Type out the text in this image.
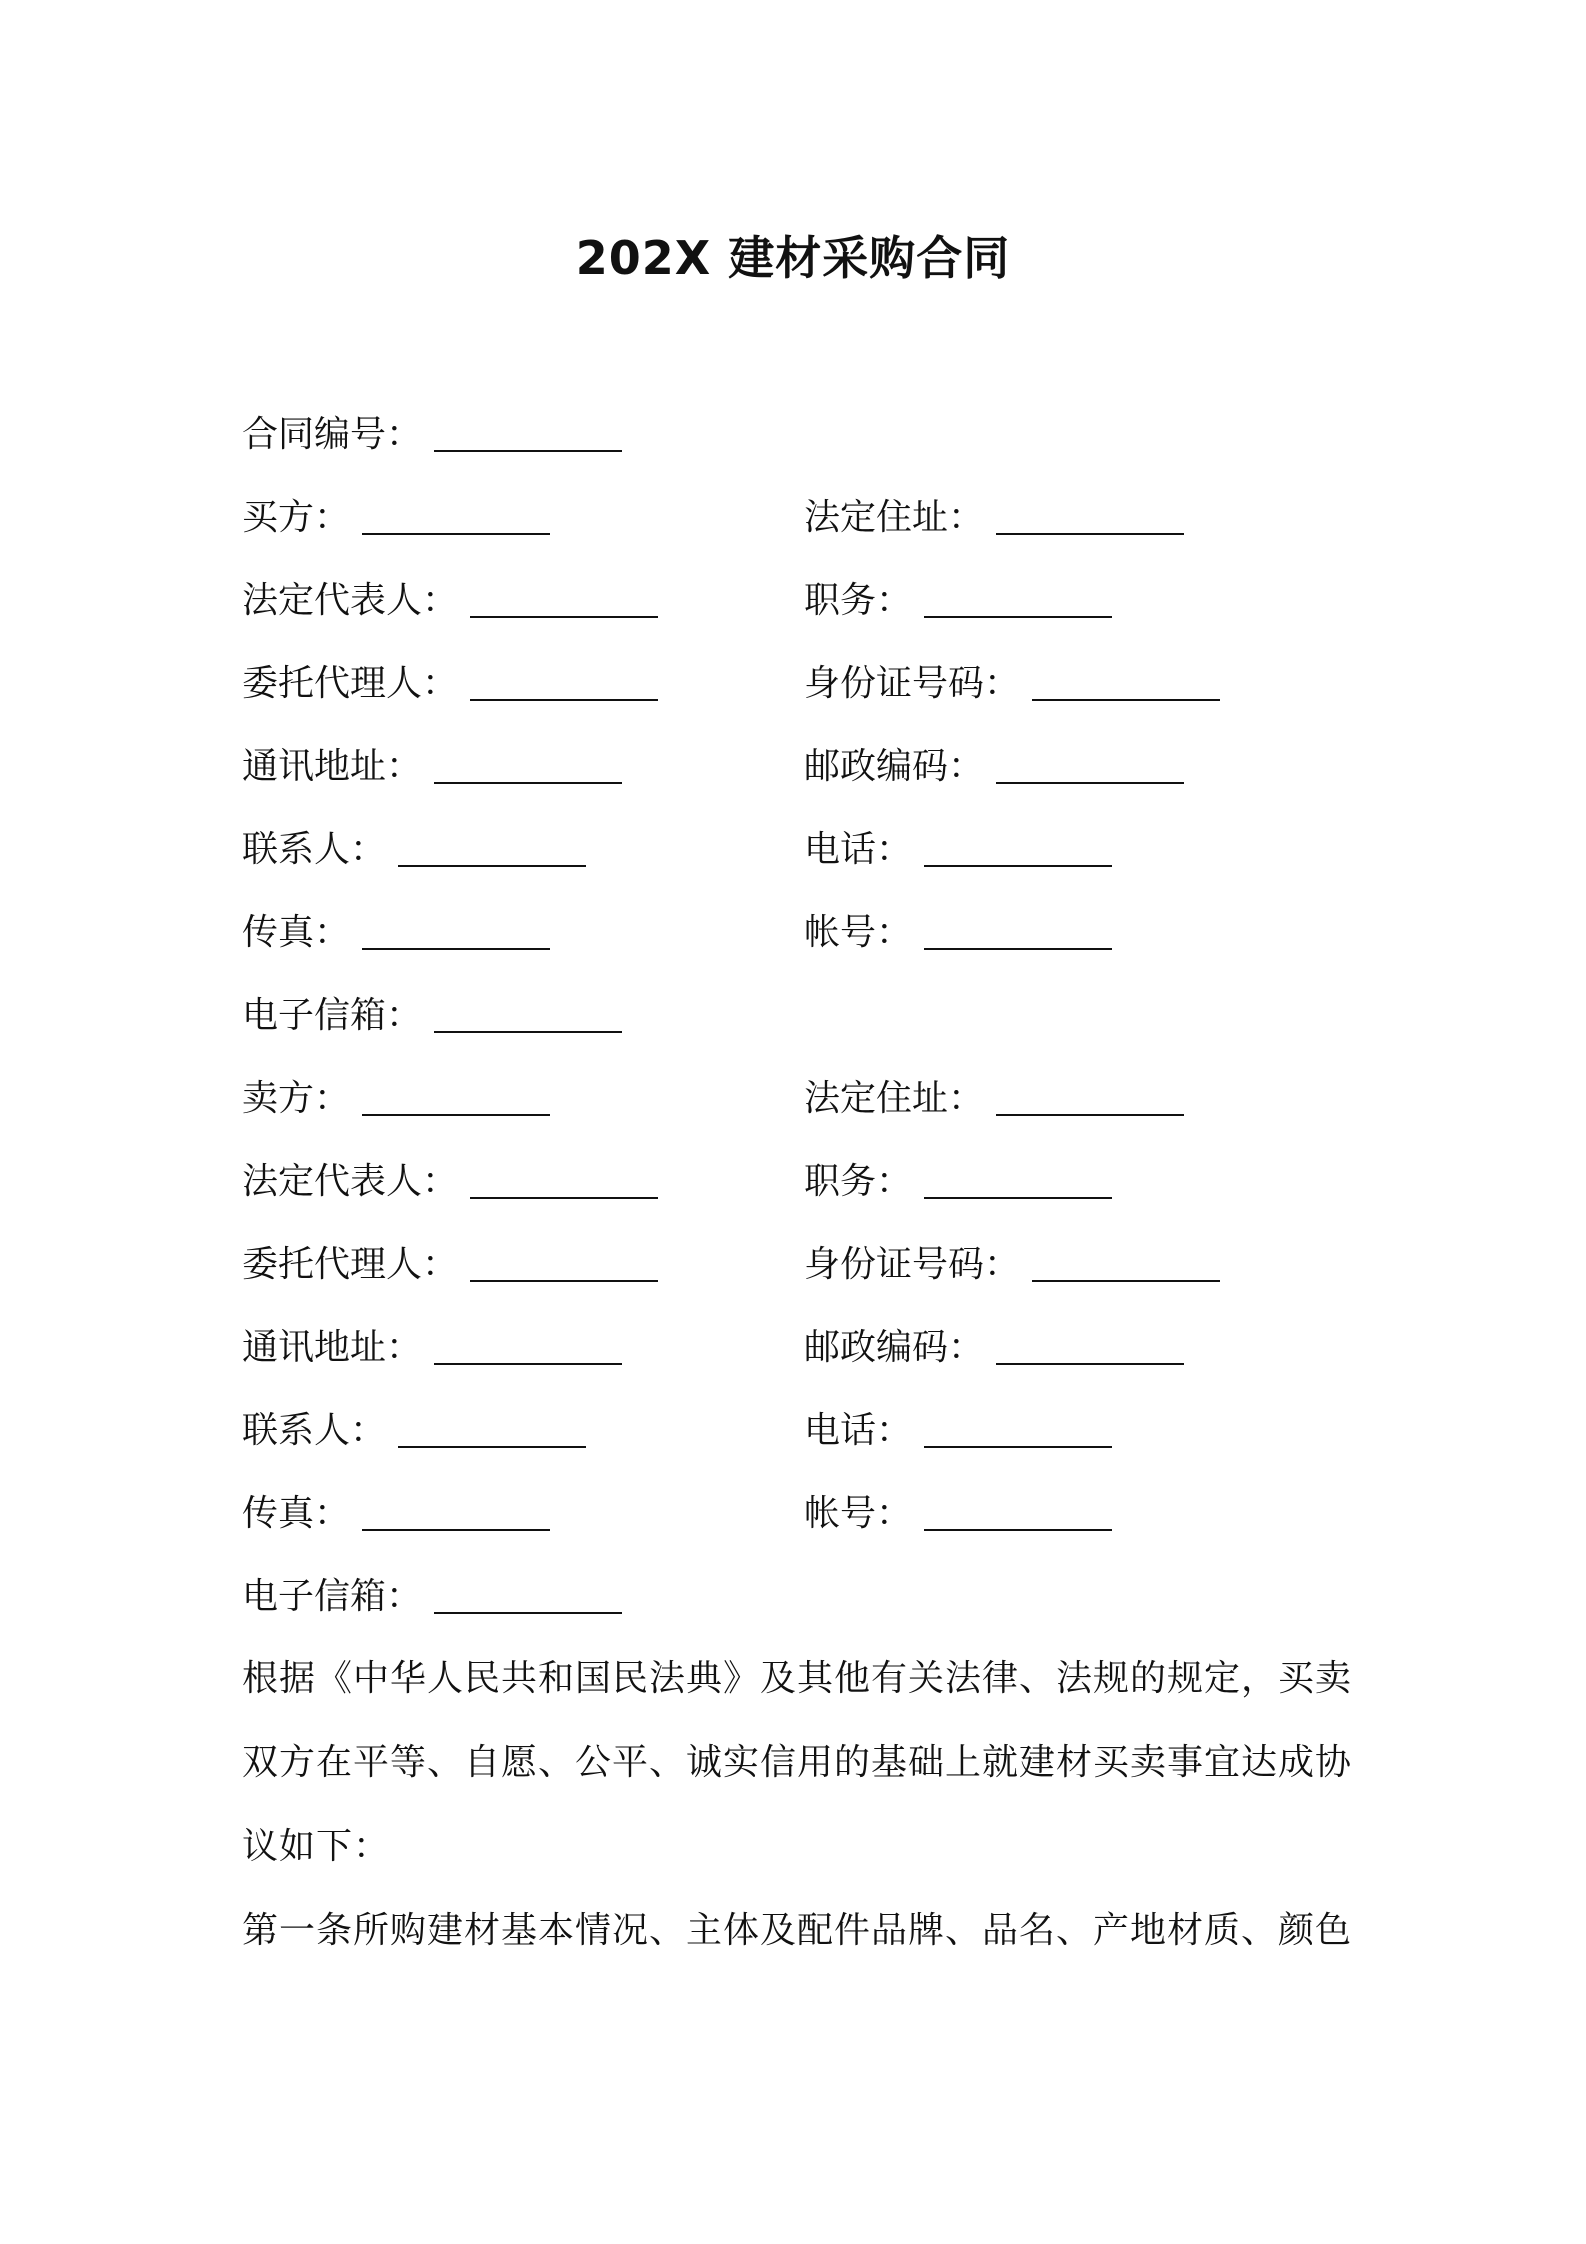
202X 建材采购合同
合同编号：
买方：	法定住址：
法定代表人：	职务：
委托代理人：	身份证号码：
通讯地址：	邮政编码：
联系人：	电话：
传真：	帐号：
电子信箱：
卖方：	法定住址：
法定代表人：	职务：
委托代理人：	身份证号码：
通讯地址：	邮政编码：
联系人：	电话：
传真：	帐号：
电子信箱：
根据《中华人民共和国民法典》及其他有关法律、法规的规定，买卖
双方在平等、自愿、公平、诚实信用的基础上就建材买卖事宜达成协
议如下：
第一条所购建材基本情况、主体及配件品牌、品名、产地材质、颜色
